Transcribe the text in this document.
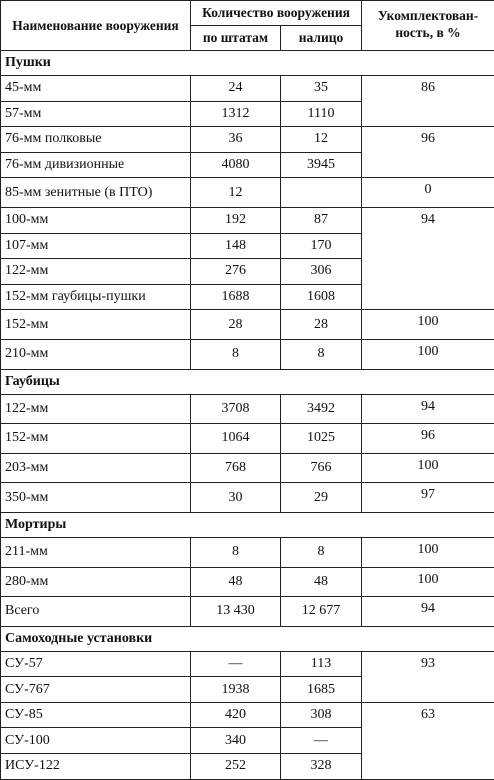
Наименование вооружения	Количество вооружения		Укомплектован-ность, в %
	по штатам	налицо	
Пушки			
45-мм	24	35	86
57-мм	1312	1110	
76-мм полковые	36	12	96
76-мм дивизионные	4080	3945	
85-мм зенитные (в ПТО)	12		0
100-мм	192	87	94
107-мм	148	170	
122-мм	276	306	
152-мм гаубицы-пушки	1688	1608	
152-мм	28	28	100
210-мм	8	8	100
Гаубицы			
122-мм	3708	3492	94
152-мм	1064	1025	96
203-мм	768	766	100
350-мм	30	29	97
Мортиры			
211-мм	8	8	100
280-мм	48	48	100
Всего	13 430	12 677	94
Самоходные установки			
СУ-57	—	113	93
СУ-767	1938	1685	
СУ-85	420	308	63
СУ-100	340	—	
ИСУ-122	252	328	
